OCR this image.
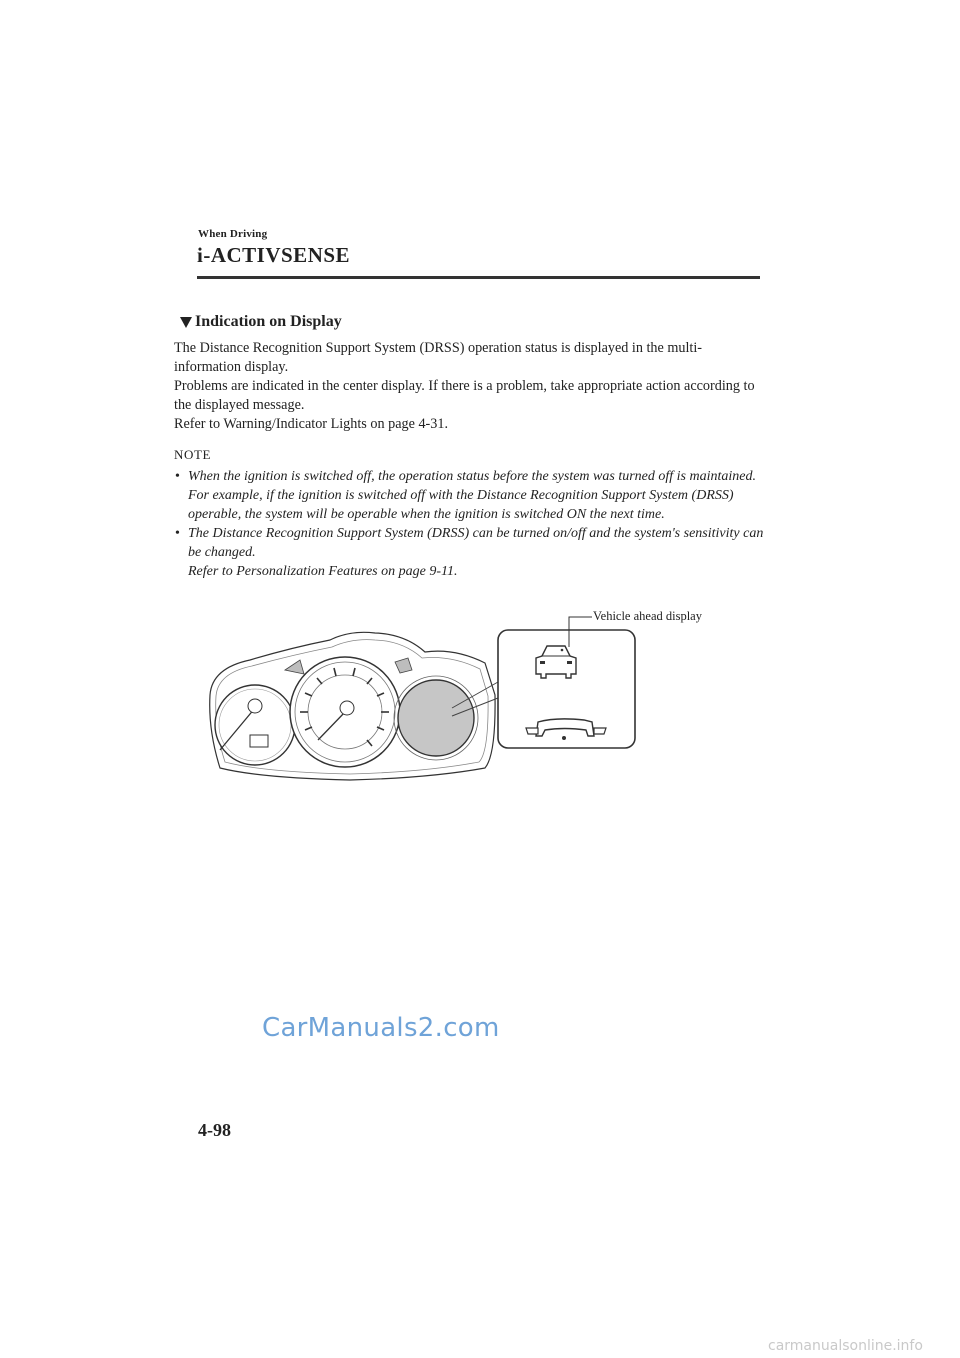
When Driving
i-ACTIVSENSE
Indication on Display

The Distance Recognition Support System (DRSS) operation status is displayed in the multi-information display.

Problems are indicated in the center display. If there is a problem, take appropriate action according to the displayed message.

Refer to Warning/Indicator Lights on page 4-31.

NOTE
• When the ignition is switched off, the operation status before the system was turned off is maintained. For example, if the ignition is switched off with the Distance Recognition Support System (DRSS) operable, the system will be operable when the ignition is switched ON the next time.

• The Distance Recognition Support System (DRSS) can be turned on/off and the system's sensitivity can be changed.

Refer to Personalization Features on page 9-11.

Vehicle ahead display
CarManuals2.com
4-98
carmanualsonline.info
